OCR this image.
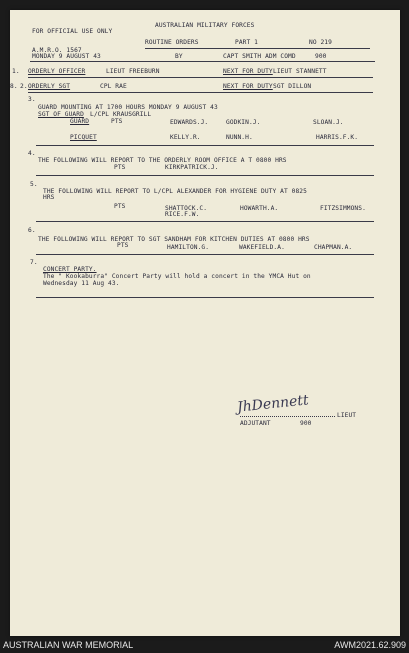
AUSTRALIAN MILITARY FORCES
FOR OFFICIAL USE ONLY
ROUTINE ORDERS	PART 1	NO 219
A.M.R.O. 1567
MONDAY 9 AUGUST 43	BY	CAPT SMITH ADM COMD	900
1. ORDERLY OFFICER	LIEUT FREEBURN	NEXT FOR DUTY LIEUT STANNETT
8. 2. ORDERLY SGT	CPL RAE	NEXT FOR DUTY SGT DILLON
3.
GUARD MOUNTING AT 1700 HOURS MONDAY 9 AUGUST 43
SGT OF GUARD L/CPL KRAUSGRILL
GUARD	PTS	EDWARDS.J.	GODKIN.J.	SLOAN.J.
PICQUET	KELLY.R.	NUNN.H.	HARRIS.F.K.
4.
THE FOLLOWING WILL REPORT TO THE ORDERLY ROOM OFFICE A T 0800 HRS
PTS	KIRKPATRICK.J.
5.
THE FOLLOWING WILL REPORT TO L/CPL ALEXANDER FOR HYGIENE DUTY AT 0825
HRS
PTS	SHATTOCK.C.	HOWARTH.A.	FITZSIMMONS.
RICE.F.W.
6.
THE FOLLOWING WILL REPORT TO SGT SANDHAM FOR KITCHEN DUTIES AT 0800 HRS
PTS	HAMILTON.G.	WAKEFIELD.A.	CHAPMAN.A.
7.
CONCERT PARTY.
The " Kookaburra" Concert Party will hold a concert in the YMCA Hut on
Wednesday 11 Aug 43.
JhDennett	LIEUT
ADJUTANT	900
AUSTRALIAN WAR MEMORIAL	AWM2021.62.909
